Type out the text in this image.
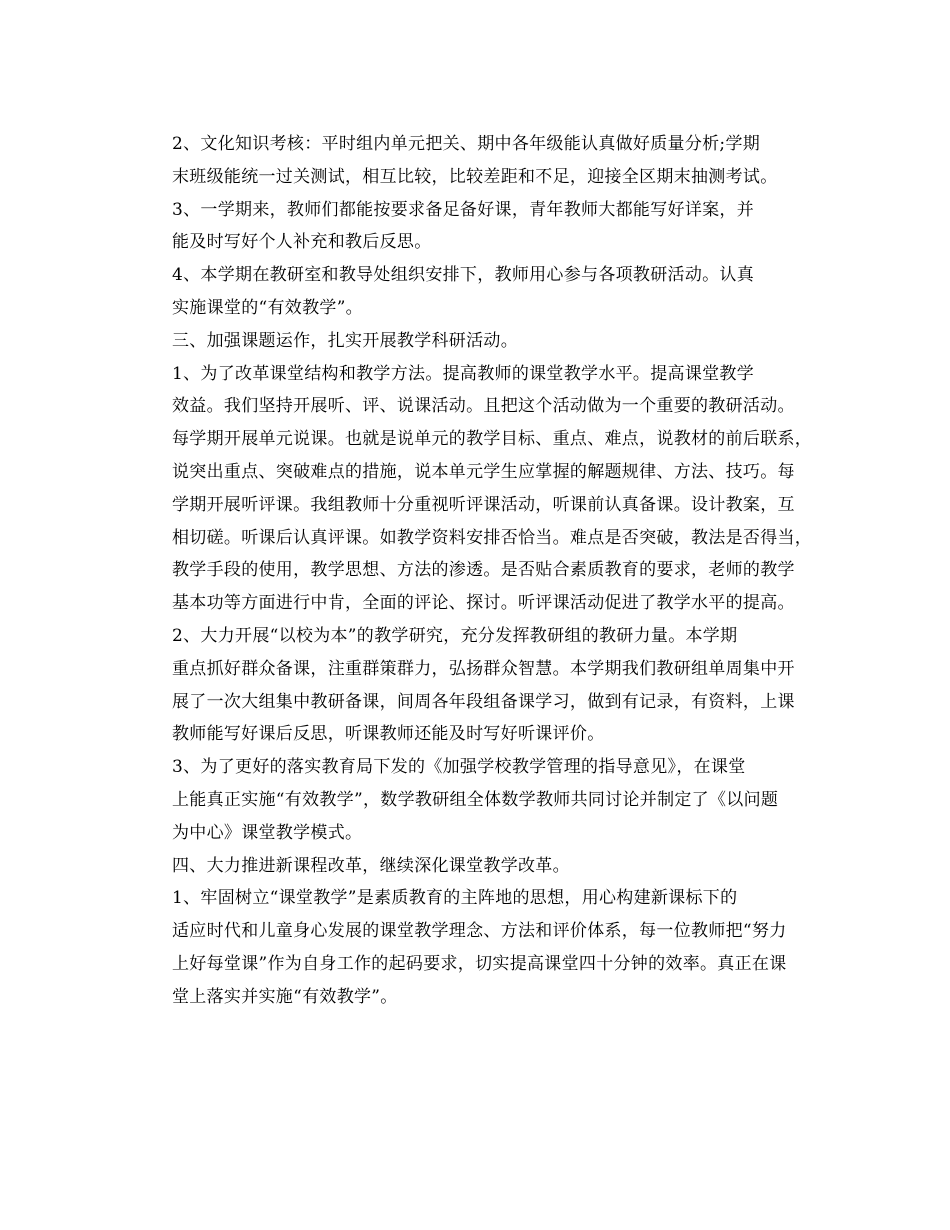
2、文化知识考核：平时组内单元把关、期中各年级能认真做好质量分析;学期
末班级能统一过关测试，相互比较，比较差距和不足，迎接全区期末抽测考试。

3、一学期来，教师们都能按要求备足备好课，青年教师大都能写好详案，并
能及时写好个人补充和教后反思。

4、本学期在教研室和教导处组织安排下，教师用心参与各项教研活动。认真
实施课堂的“有效教学”。

三、加强课题运作，扎实开展教学科研活动。

1、为了改革课堂结构和教学方法。提高教师的课堂教学水平。提高课堂教学
效益。我们坚持开展听、评、说课活动。且把这个活动做为一个重要的教研活动。
每学期开展单元说课。也就是说单元的教学目标、重点、难点，说教材的前后联系，
说突出重点、突破难点的措施，说本单元学生应掌握的解题规律、方法、技巧。每
学期开展听评课。我组教师十分重视听评课活动，听课前认真备课。设计教案，互
相切磋。听课后认真评课。如教学资料安排否恰当。难点是否突破，教法是否得当，
教学手段的使用，教学思想、方法的渗透。是否贴合素质教育的要求，老师的教学
基本功等方面进行中肯，全面的评论、探讨。听评课活动促进了教学水平的提高。

2、大力开展“以校为本”的教学研究，充分发挥教研组的教研力量。本学期
重点抓好群众备课，注重群策群力，弘扬群众智慧。本学期我们教研组单周集中开
展了一次大组集中教研备课，间周各年段组备课学习，做到有记录，有资料，上课
教师能写好课后反思，听课教师还能及时写好听课评价。

3、为了更好的落实教育局下发的《加强学校教学管理的指导意见》，在课堂
上能真正实施“有效教学”，数学教研组全体数学教师共同讨论并制定了《以问题
为中心》课堂教学模式。

四、大力推进新课程改革，继续深化课堂教学改革。

1、牢固树立“课堂教学”是素质教育的主阵地的思想，用心构建新课标下的
适应时代和儿童身心发展的课堂教学理念、方法和评价体系，每一位教师把“努力
上好每堂课”作为自身工作的起码要求，切实提高课堂四十分钟的效率。真正在课
堂上落实并实施“有效教学”。
